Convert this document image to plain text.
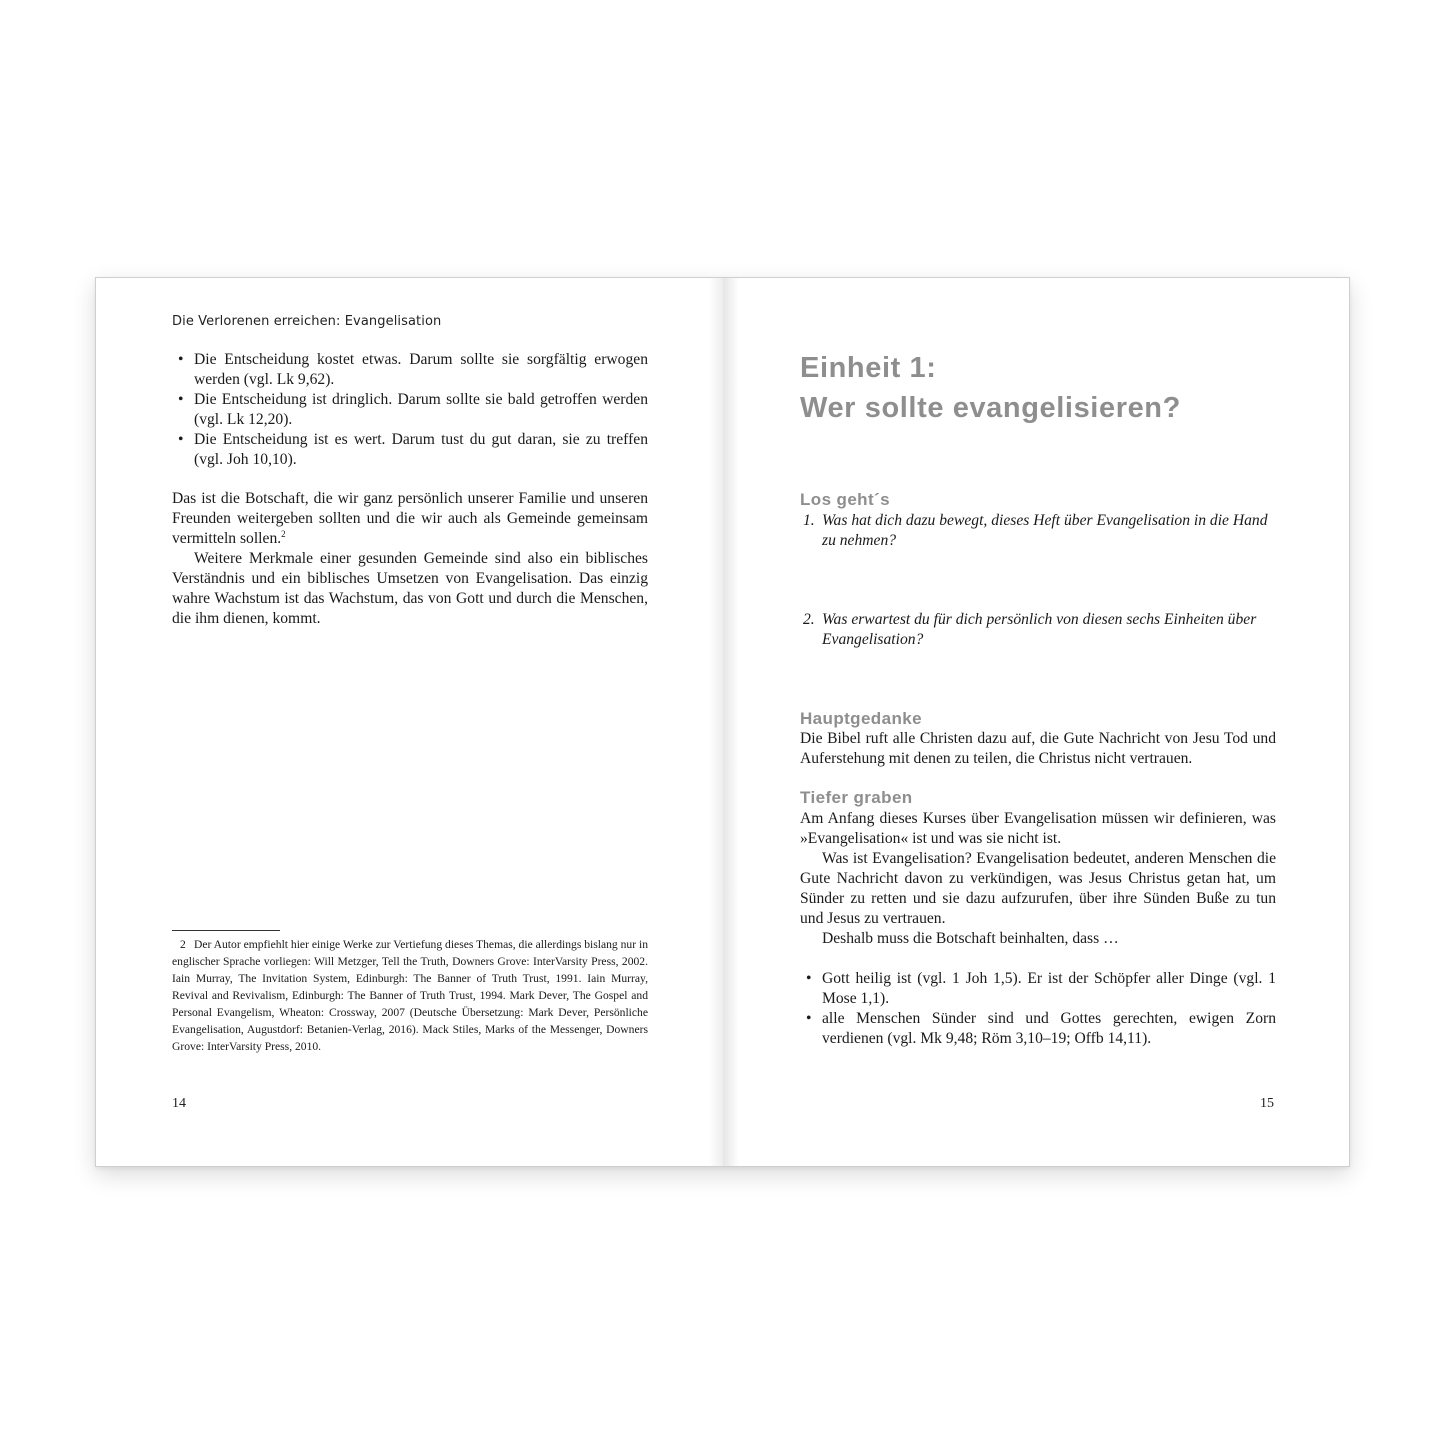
Die Verlorenen erreichen: Evangelisation
• Die Entscheidung kostet etwas. Darum sollte sie sorgfältig erwogen werden (vgl. Lk 9,62).
• Die Entscheidung ist dringlich. Darum sollte sie bald getroffen werden (vgl. Lk 12,20).
• Die Entscheidung ist es wert. Darum tust du gut daran, sie zu treffen (vgl. Joh 10,10).
Das ist die Botschaft, die wir ganz persönlich unserer Familie und unseren Freunden weitergeben sollten und die wir auch als Gemeinde gemeinsam vermitteln sollen.$^2$
Weitere Merkmale einer gesunden Gemeinde sind also ein biblisches Verständnis und ein biblisches Umsetzen von Evangelisation. Das einzig wahre Wachstum ist das Wachstum, das von Gott und durch die Menschen, die ihm dienen, kommt.
2 Der Autor empfiehlt hier einige Werke zur Vertiefung dieses Themas, die allerdings bislang nur in englischer Sprache vorliegen: Will Metzger, Tell the Truth, Downers Grove: InterVarsity Press, 2002. Iain Murray, The Invitation System, Edinburgh: The Banner of Truth Trust, 1991. Iain Murray, Revival and Revivalism, Edinburgh: The Banner of Truth Trust, 1994. Mark Dever, The Gospel and Personal Evangelism, Wheaton: Crossway, 2007 (Deutsche Übersetzung: Mark Dever, Persönliche Evangelisation, Augustdorf: Betanien-Verlag, 2016). Mack Stiles, Marks of the Messenger, Downers Grove: InterVarsity Press, 2010.
14
Einheit 1:
Wer sollte evangelisieren?
Los geht´s
1. Was hat dich dazu bewegt, dieses Heft über Evangelisation in die Hand zu nehmen?
2. Was erwartest du für dich persönlich von diesen sechs Einheiten über Evangelisation?
Hauptgedanke
Die Bibel ruft alle Christen dazu auf, die Gute Nachricht von Jesu Tod und Auferstehung mit denen zu teilen, die Christus nicht vertrauen.
Tiefer graben
Am Anfang dieses Kurses über Evangelisation müssen wir definieren, was »Evangelisation« ist und was sie nicht ist.
Was ist Evangelisation? Evangelisation bedeutet, anderen Menschen die Gute Nachricht davon zu verkündigen, was Jesus Christus getan hat, um Sünder zu retten und sie dazu aufzurufen, über ihre Sünden Buße zu tun und Jesus zu vertrauen.
Deshalb muss die Botschaft beinhalten, dass …
• Gott heilig ist (vgl. 1 Joh 1,5). Er ist der Schöpfer aller Dinge (vgl. 1 Mose 1,1).
• alle Menschen Sünder sind und Gottes gerechten, ewigen Zorn verdienen (vgl. Mk 9,48; Röm 3,10–19; Offb 14,11).
15
